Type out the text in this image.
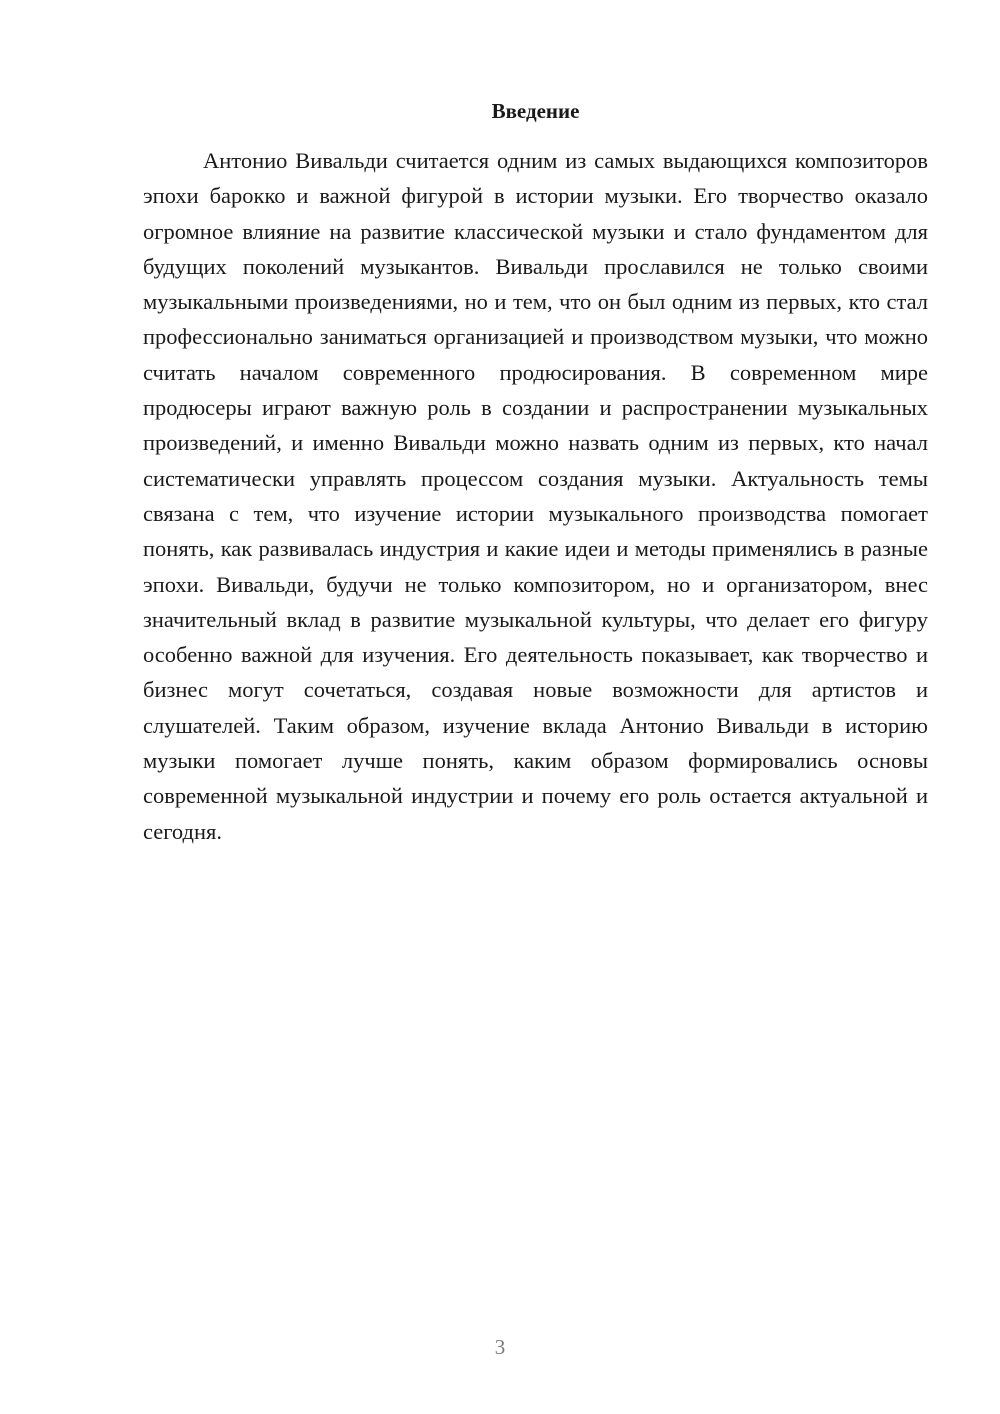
Введение

Антонио Вивальди считается одним из самых выдающихся композиторов эпохи барокко и важной фигурой в истории музыки. Его творчество оказало огромное влияние на развитие классической музыки и стало фундаментом для будущих поколений музыкантов. Вивальди прославился не только своими музыкальными произведениями, но и тем, что он был одним из первых, кто стал профессионально заниматься организацией и производством музыки, что можно считать началом современного продюсирования. В современном мире продюсеры играют важную роль в создании и распространении музыкальных произведений, и именно Вивальди можно назвать одним из первых, кто начал систематически управлять процессом создания музыки. Актуальность темы связана с тем, что изучение истории музыкального производства помогает понять, как развивалась индустрия и какие идеи и методы применялись в разные эпохи. Вивальди, будучи не только композитором, но и организатором, внес значительный вклад в развитие музыкальной культуры, что делает его фигуру особенно важной для изучения. Его деятельность показывает, как творчество и бизнес могут сочетаться, создавая новые возможности для артистов и слушателей. Таким образом, изучение вклада Антонио Вивальди в историю музыки помогает лучше понять, каким образом формировались основы современной музыкальной индустрии и почему его роль остается актуальной и сегодня.

3
